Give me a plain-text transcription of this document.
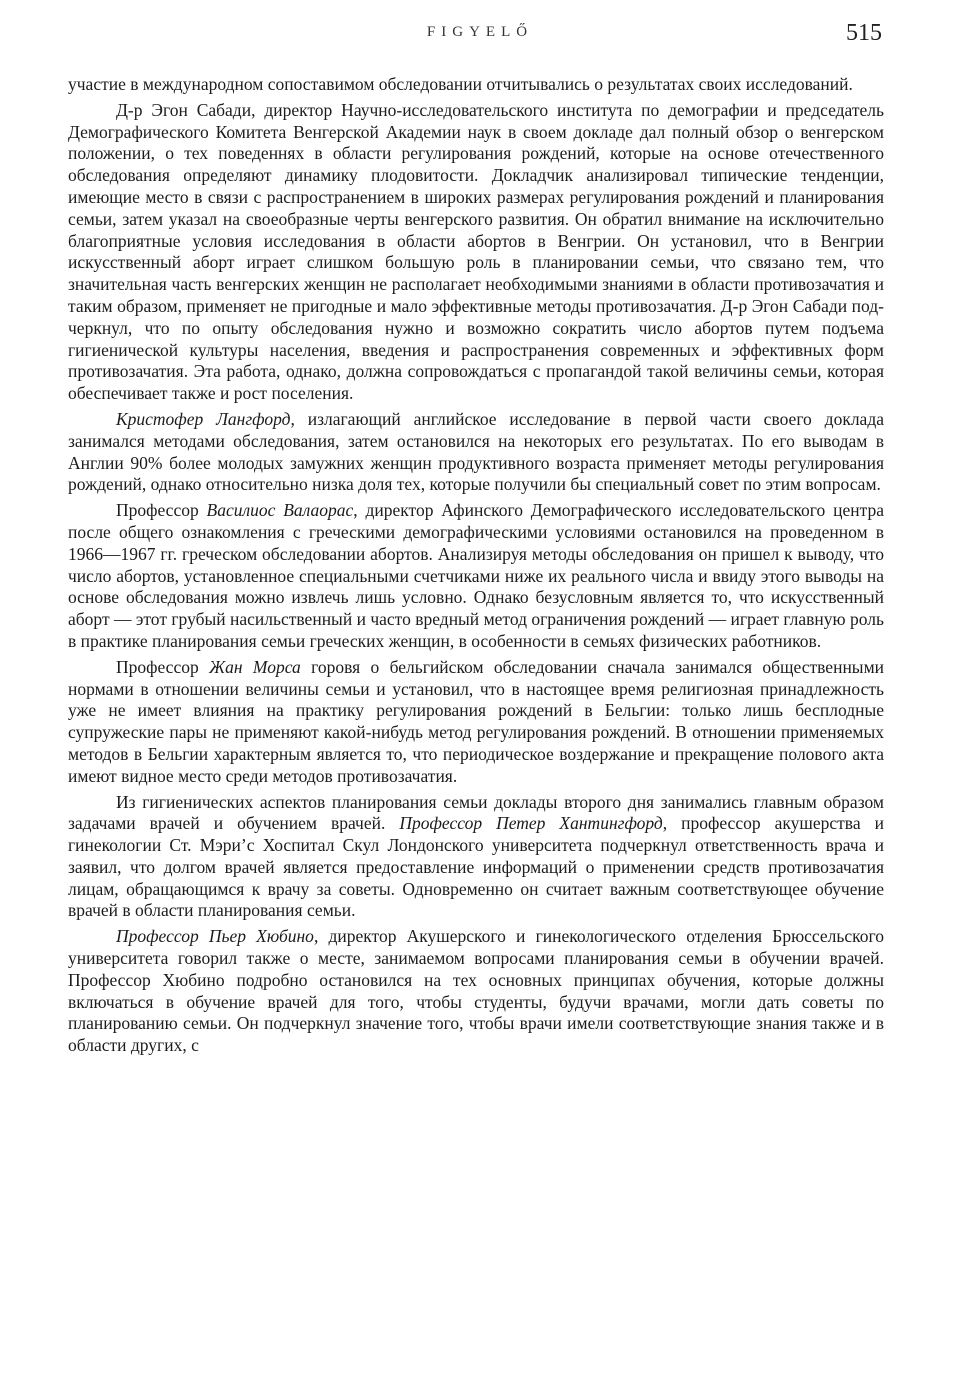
FIGYELŐ	515

участие в международном сопоставимом обследовании отчитывались о результатах своих исследований.

Д-р Эгон Сабади, директор Научно-исследовательского института по демографии и председатель Демографического Комитета Венгерской Академии наук в своем докладе дал полный обзор о венгерском положении, о тех поведеннях в области регулирования рождений, которые на основе отечественного обследования определяют динамику плодовитости. Докладчик анализировал типические тенденции, имеющие место в связи с распространением в широких размерах регулирования рождений и планирования семьи, затем указал на своеобразные черты венгерского развития. Он обратил внимание на исключительно благоприятные условия исследования в области абортов в Венгрии. Он установил, что в Венгрии искусственный аборт играет слишком большую роль в планировании семьи, что связано тем, что значительная часть венгерских женщин не располагает необходимыми знаниями в области противозачатия и таким образом, применяет не пригодные и мало эффективные методы противозачатия. Д-р Эгон Сабади подчеркнул, что по опыту обследования нужно и возможно сократить число абортов путем подъема гигиенической культуры населения, введения и распространения современных и эффективных форм противозачатия. Эта работа, однако, должна сопровождаться с пропагандой такой величины семьи, которая обеспечивает также и рост поселения.

Кристофер Лангфорд, излагающий английское исследование в первой части своего доклада занимался методами обследования, затем остановился на некоторых его результатах. По его выводам в Англии 90% более молодых замужних женщин продуктивного возраста применяет методы регулирования рождений, однако относительно низка доля тех, которые получили бы специальный совет по этим вопросам.

Профессор Василиос Валаорас, директор Афинского Демографического исследовательского центра после общего ознакомления с греческими демографическими условиями остановился на проведенном в 1966—1967 гг. греческом обследовании абортов. Анализируя методы обследования он пришел к выводу, что число абортов, установленное специальными счетчиками ниже их реального числа и ввиду этого выводы на основе обследования можно извлечь лишь условно. Однако безусловным является то, что искусственный аборт — этот грубый насильственный и часто вредный метод ограничения рождений — играет главную роль в практике планирования семьи греческих женщин, в особенности в семьях физических работников.

Профессор Жан Морса горовя о бельгийском обследовании сначала занимался общественными нормами в отношении величины семьи и установил, что в настоящее время религиозная принадлежность уже не имеет влияния на практику регулирования рождений в Бельгии: только лишь бесплодные супружеские пары не применяют какой-нибудь метод регулирования рождений. В отношении применяемых методов в Бельгии характерным является то, что периодическое воздержание и прекращение полового акта имеют видное место среди методов противозачатия.

Из гигиенических аспектов планирования семьи доклады второго дня занимались главным образом задачами врачей и обучением врачей. Профессор Петер Хантингфорд, профессор акушерства и гинекологии Ст. Мэри’с Хоспитал Скул Лондонского университета подчеркнул ответственность врача и заявил, что долгом врачей является предоставление информаций о применении средств противозачатия лицам, обращающимся к врачу за советы. Одновременно он считает важным соответствующее обучение врачей в области планирования семьи.

Профессор Пьер Хюбино, директор Акушерского и гинекологического отделения Брюссельского университета говорил также о месте, занимаемом вопросами планирования семьи в обучении врачей. Профессор Хюбино подробно остановился на тех основных принципах обучения, которые должны включаться в обучение врачей для того, чтобы студенты, будучи врачами, могли дать советы по планированию семьи. Он подчеркнул значение того, чтобы врачи имели соответствующие знания также и в области других, с
